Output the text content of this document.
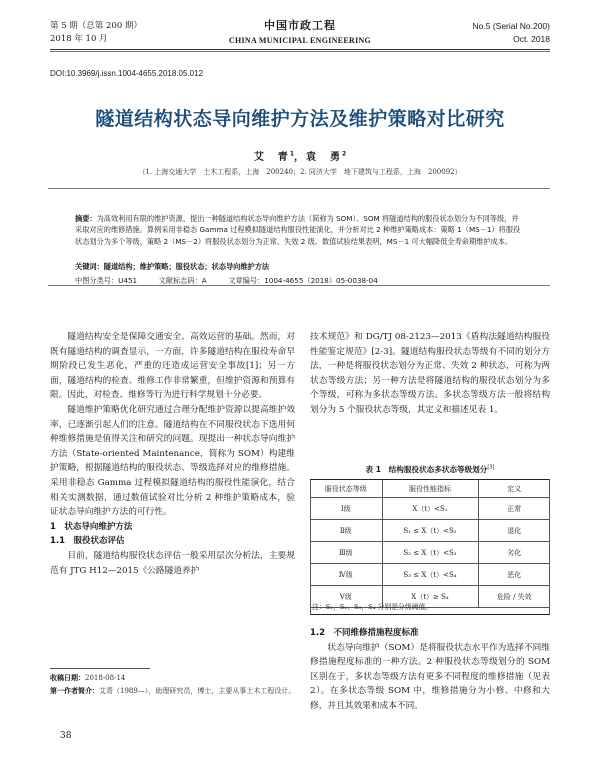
第 5 期（总第 200 期）
2018 年 10 月
中国市政工程
CHINA MUNICIPAL ENGINEERING
No.5 (Serial No.200)
Oct. 2018
DOI:10.3969/j.issn.1004-4655.2018.05.012
隧道结构状态导向维护方法及维护策略对比研究
艾　青$^1$，袁　勇$^2$
（1. 上海交通大学　土木工程系，上海　200240；2. 同济大学　地下建筑与工程系，上海　200092）
摘要：为高效利用有限的维护资源，提出一种隧道结构状态导向维护方法（简称为 SOM）。SOM 将隧道结构的服役状态划分为不同等级，并采取对应的维修措施。算例采用非稳态 Gamma 过程模拟隧道结构服役性能演化，并分析对比 2 种维护策略成本：策略 1（MS－1）将服役状态划分为多个等级，策略 2（MS－2）将服役状态划分为正常、失效 2 级。数值试验结果表明，MS－1 可大幅降低全寿命期维护成本。
关键词：隧道结构；维护策略；服役状态；状态导向维护方法
中图分类号：U451　　　文献标志码：A　　　文章编号：1004-4655（2018）05-0038-04

隧道结构安全是保障交通安全、高效运营的基础。然而，对既有隧道结构的调查显示，一方面，许多隧道结构在服役寿命早期阶段已发生恶化，严重的还造成运营安全事故[1]；另一方面，隧道结构的检查、维修工作非常繁重，但维护资源和预算有限。因此，对检查、维修等行为进行科学规划十分必要。

隧道维护策略优化研究通过合理分配维护资源以提高维护效率，已逐渐引起人们的注意。隧道结构在不同服役状态下选用何种维修措施是值得关注和研究的问题。现提出一种状态导向维护方法（State-oriented Maintenance，简称为 SOM）构建维护策略，根据隧道结构的服役状态、等级选择对应的维修措施。采用非稳态 Gamma 过程模拟隧道结构的服役性能演化，结合相关实测数据，通过数值试验对比分析 2 种维护策略成本，验证状态导向维护方法的可行性。

1　状态导向维护方法
1.1　服役状态评估

目前，隧道结构服役状态评估一般采用层次分析法，主要规范有 JTG H12—2015《公路隧道养护

技术规范》和 DG/TJ 08-2123—2013《盾构法隧道结构服役性能鉴定规范》[2-3]。隧道结构服役状态等级有不同的划分方法，一种是将服役状态划分为正常、失效 2 种状态，可称为两状态等级方法；另一种方法是将隧道结构的服役状态划分为多个等级，可称为多状态等级方法。多状态等级方法一般将结构划分为 5 个服役状态等级，其定义和描述见表 1。

表 1　结构服役状态多状态等级划分[3]
服役状态等级	服役性能指标	定义
Ⅰ级	X（t）<S₁	正常
Ⅱ级	S₁ ≤ X（t）<S₂	退化
Ⅲ级	S₂ ≤ X（t）<S₃	劣化
Ⅳ级	S₃ ≤ X（t）<S₄	恶化
Ⅴ级	X（t）≥ S₄	危险 / 失效
注：S₁，S₂，S₃，S₄ 分别是分级阈值。
1.2　不同维修措施程度标准

状态导向维护（SOM）是将服役状态水平作为选择不同维修措施程度标准的一种方法。2 种服役状态等级划分的 SOM 区别在于，多状态等级方法有更多不同程度的维修措施（见表 2）。在多状态等级 SOM 中，维修措施分为小修、中修和大修，并且其效果和成本不同。

收稿日期：2018-08-14
第一作者简介：艾青（1989—），助理研究员，博士，主要从事土木工程设计。
38
